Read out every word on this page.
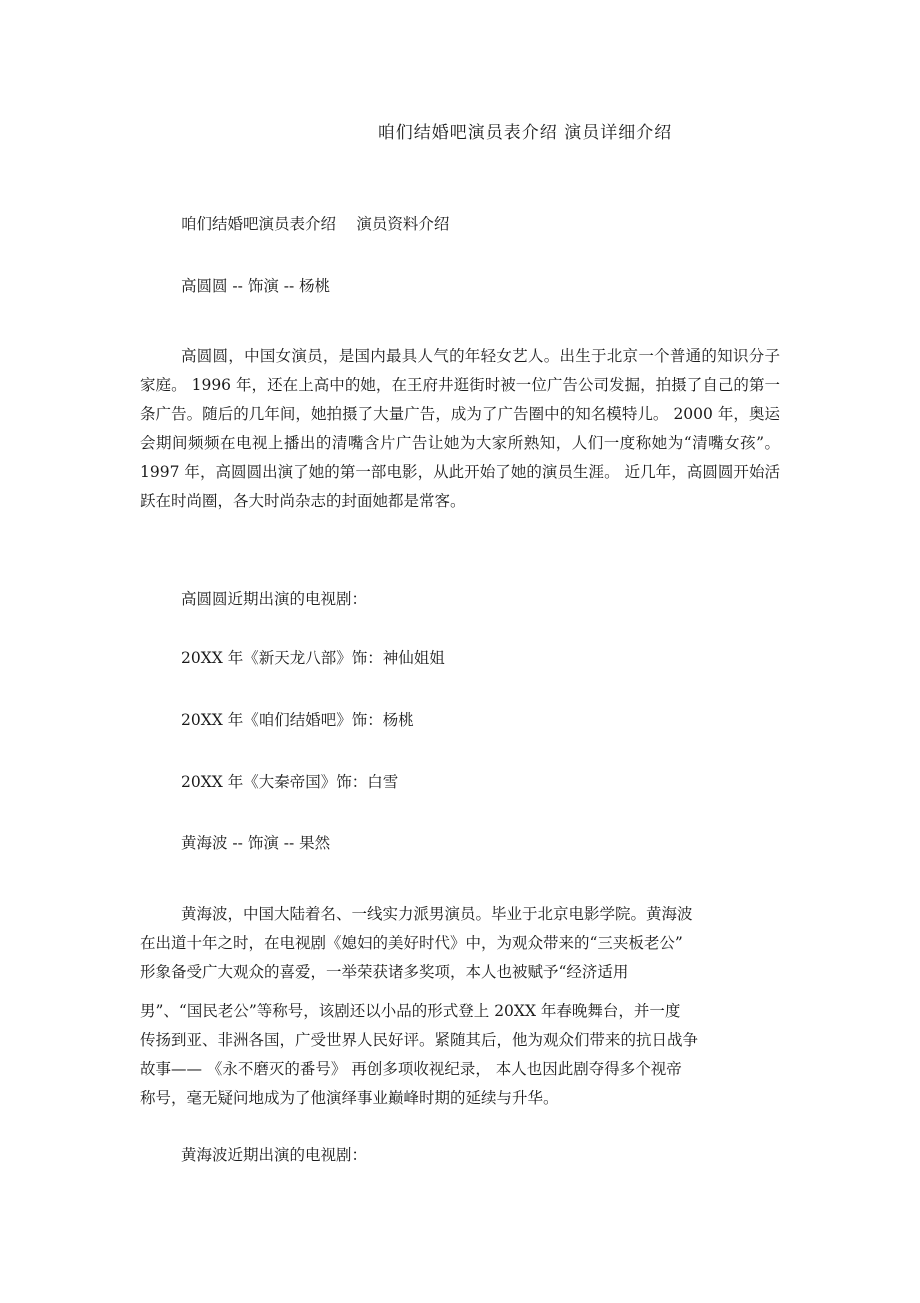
咱们结婚吧演员表介绍 演员详细介绍
咱们结婚吧演员表介绍　 演员资料介绍
高圆圆 -- 饰演 -- 杨桃
高圆圆，中国女演员，是国内最具人气的年轻女艺人。出生于北京一个普通的知识分子家庭。 1996 年，还在上高中的她，在王府井逛街时被一位广告公司发掘，拍摄了自己的第一条广告。随后的几年间，她拍摄了大量广告，成为了广告圈中的知名模特儿。 2000 年，奥运会期间频频在电视上播出的清嘴含片广告让她为大家所熟知，人们一度称她为“清嘴女孩”。 1997 年，高圆圆出演了她的第一部电影，从此开始了她的演员生涯。 近几年，高圆圆开始活跃在时尚圈，各大时尚杂志的封面她都是常客。
高圆圆近期出演的电视剧：
20XX 年《新天龙八部》饰：神仙姐姐
20XX 年《咱们结婚吧》饰：杨桃
20XX 年《大秦帝国》饰：白雪
黄海波 -- 饰演 -- 果然
黄海波，中国大陆着名、一线实力派男演员。毕业于北京电影学院。黄海波
在出道十年之时，在电视剧《媳妇的美好时代》中，为观众带来的“三夹板老公”
形象备受广大观众的喜爱，一举荣获诸多奖项，本人也被赋予“经济适用
男”、“国民老公”等称号，该剧还以小品的形式登上 20XX 年春晚舞台，并一度
传扬到亚、非洲各国，广受世界人民好评。紧随其后，他为观众们带来的抗日战争
故事—— 《永不磨灭的番号》 再创多项收视纪录， 本人也因此剧夺得多个视帝
称号，毫无疑问地成为了他演绎事业巅峰时期的延续与升华。
黄海波近期出演的电视剧：
